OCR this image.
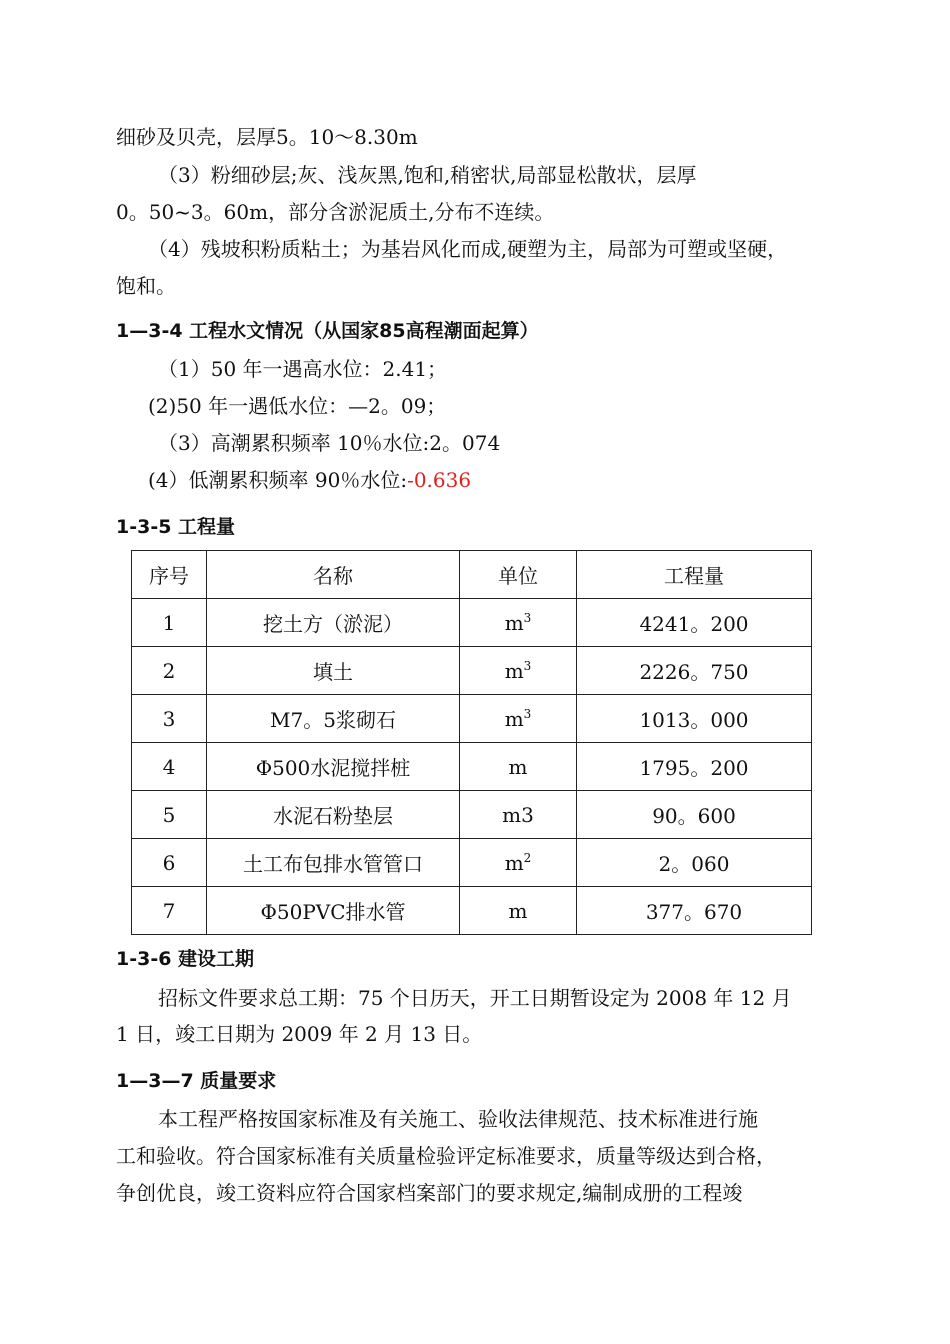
细砂及贝壳，层厚5。10～8.30m
（3）粉细砂层;灰、浅灰黑,饱和,稍密状,局部显松散状，层厚
0。50~3。60m，部分含淤泥质土,分布不连续。
（4）残坡积粉质粘土；为基岩风化而成,硬塑为主，局部为可塑或坚硬，
饱和。
1—3-4 工程水文情况（从国家85高程潮面起算）
（1）50 年一遇高水位：2.41；
(2)50 年一遇低水位：—2。09；
（3）高潮累积频率 10％水位:2。074
(4）低潮累积频率 90％水位:-0.636
1-3-5 工程量
序号	名称	单位	工程量
1	挖土方（淤泥）	$m^3$	4241。200
2	填土	$m^3$	2226。750
3	M7。5浆砌石	$m^3$	1013。000
4	Φ500水泥搅拌桩	m	1795。200
5	水泥石粉垫层	m3	90。600
6	土工布包排水管管口	$m^2$	2。060
7	Φ50PVC排水管	m	377。670
1-3-6 建设工期
招标文件要求总工期：75 个日历天，开工日期暂设定为 2008 年 12 月
1 日，竣工日期为 2009 年 2 月 13 日。
1—3—7 质量要求
本工程严格按国家标准及有关施工、验收法律规范、技术标准进行施
工和验收。符合国家标准有关质量检验评定标准要求，质量等级达到合格，
争创优良，竣工资料应符合国家档案部门的要求规定,编制成册的工程竣
